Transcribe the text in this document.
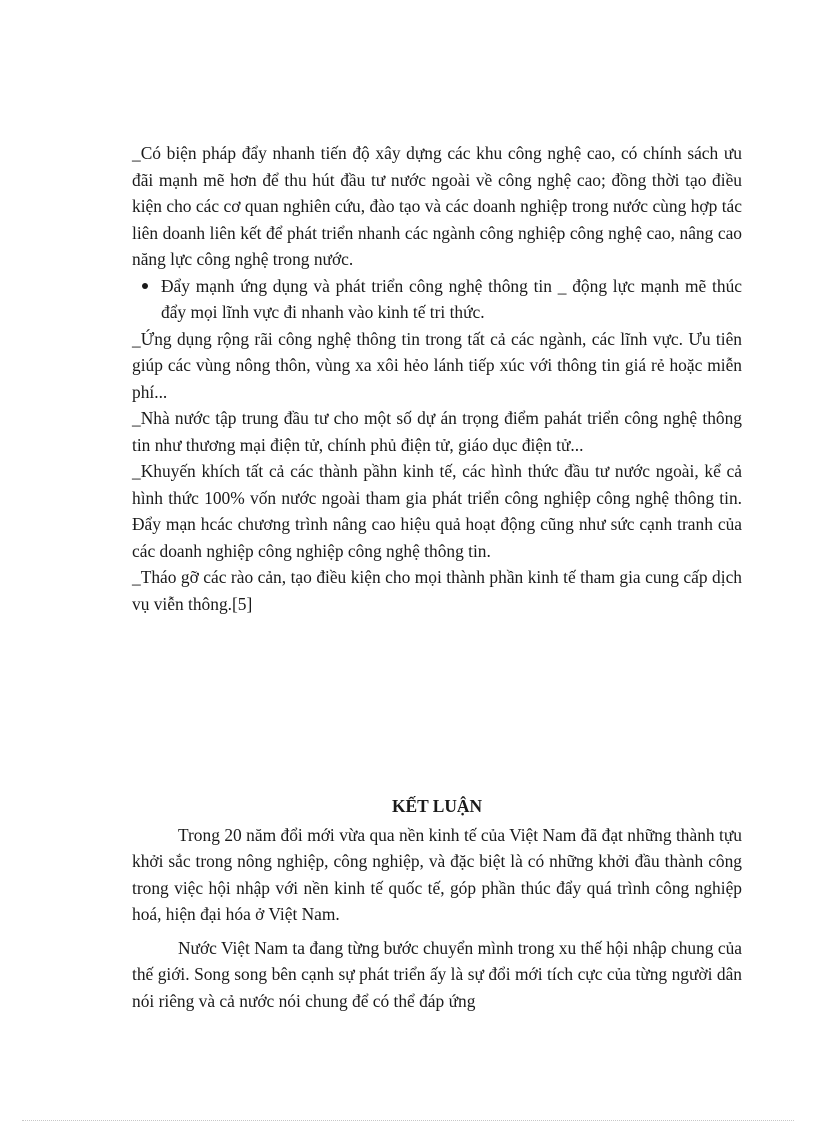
_Có biện pháp đẩy nhanh tiến độ xây dựng các khu công nghệ cao, có chính sách ưu đãi mạnh mẽ hơn để thu hút đầu tư nước ngoài về công nghệ cao; đồng thời tạo điều kiện cho các cơ quan nghiên cứu, đào tạo và các doanh nghiệp trong nước cùng hợp tác liên doanh liên kết để phát triển nhanh các ngành công nghiệp công nghệ cao, nâng cao năng lực công nghệ trong nước.

Đẩy mạnh ứng dụng và phát triển công nghệ thông tin _ động lực mạnh mẽ thúc đẩy mọi lĩnh vực đi nhanh vào kinh tế tri thức.

_Ứng dụng rộng rãi công nghệ thông tin trong tất cả các ngành, các lĩnh vực. Ưu tiên giúp các vùng nông thôn, vùng xa xôi hẻo lánh tiếp xúc với thông tin giá rẻ hoặc miễn phí...

_Nhà nước tập trung đầu tư cho một số dự án trọng điểm pahát triển công nghệ thông tin như thương mại điện tử, chính phủ điện tử, giáo dục điện tử...

_Khuyến khích tất cả các thành pầhn kinh tế, các hình thức đầu tư nước ngoài, kể cả hình thức 100% vốn nước ngoài tham gia phát triển công nghiệp công nghệ thông tin. Đẩy mạn hcác chương trình nâng cao hiệu quả hoạt động cũng như sức cạnh tranh của các doanh nghiệp công nghiệp công nghệ thông tin.

_Tháo gỡ các rào cản, tạo điều kiện cho mọi thành phần kinh tế tham gia cung cấp dịch vụ viễn thông.[5]

KẾT LUẬN

Trong 20 năm đổi mới vừa qua nền kinh tế của Việt Nam đã đạt những thành tựu khởi sắc trong nông nghiệp, công nghiệp, và đặc biệt là có những khởi đầu thành công trong việc hội nhập với nền kinh tế quốc tế, góp phần thúc đẩy quá trình công nghiệp hoá, hiện đại hóa ở Việt Nam.

Nước Việt Nam ta đang từng bước chuyển mình trong xu thế hội nhập chung của thế giới. Song song bên cạnh sự phát triển ấy là sự đổi mới tích cực của từng người dân nói riêng và cả nước nói chung để có thể đáp ứng
